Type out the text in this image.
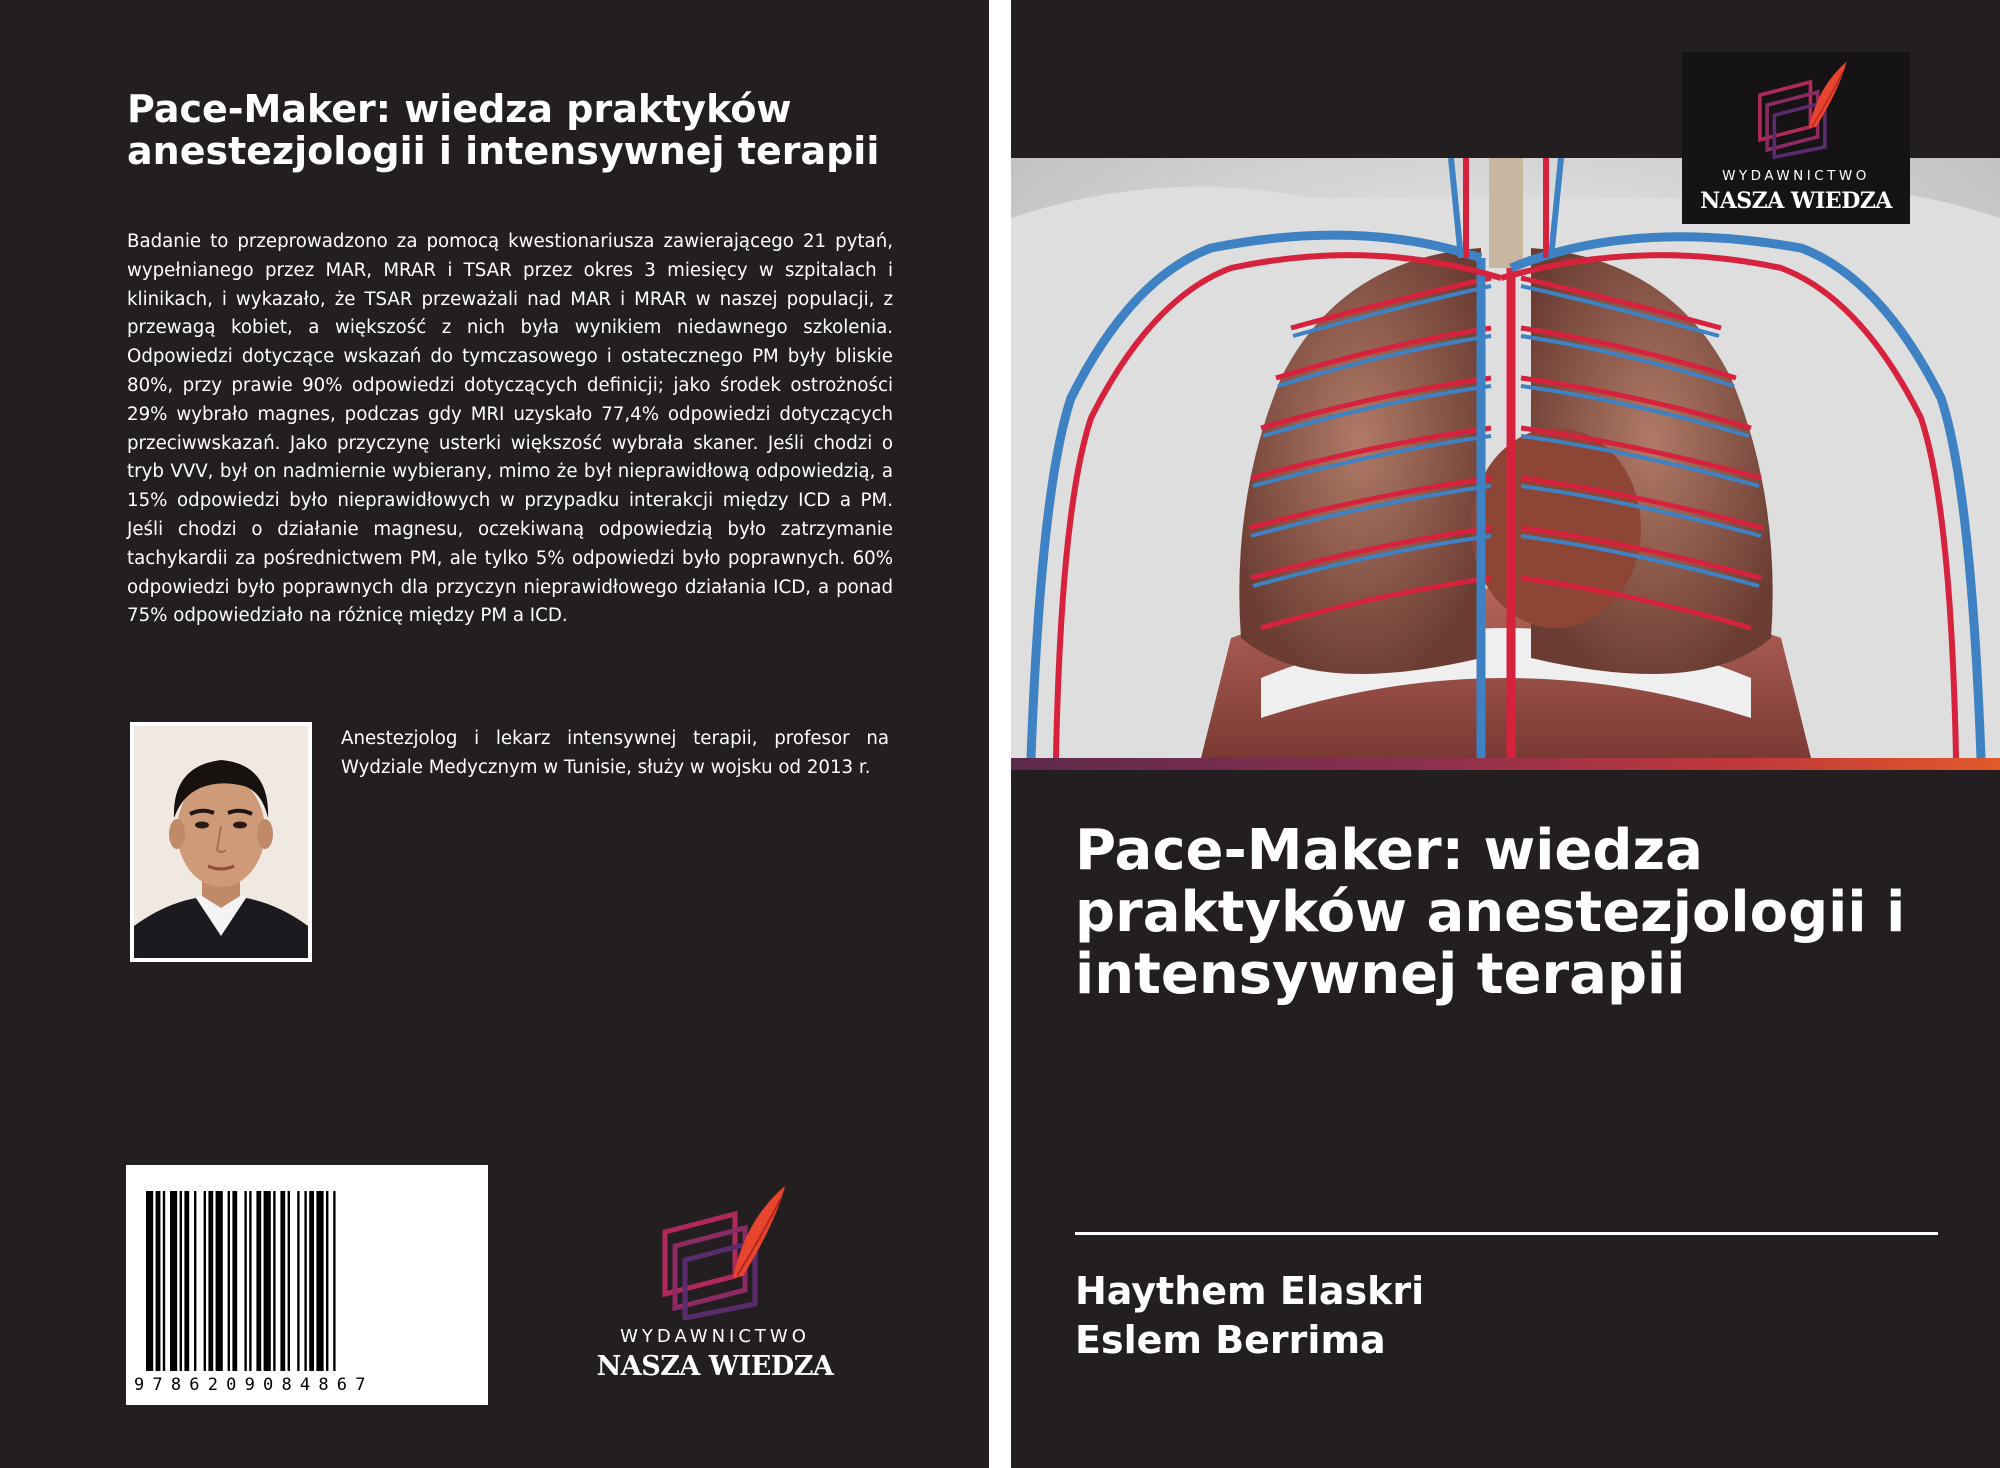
Pace-Maker: wiedza praktyków anestezjologii i intensywnej terapii

Badanie to przeprowadzono za pomocą kwestionariusza zawierającego 21 pytań, wypełnianego przez MAR, MRAR i TSAR przez okres 3 miesięcy w szpitalach i klinikach, i wykazało, że TSAR przeważali nad MAR i MRAR w naszej populacji, z przewagą kobiet, a większość z nich była wynikiem niedawnego szkolenia. Odpowiedzi dotyczące wskazań do tymczasowego i ostatecznego PM były bliskie 80%, przy prawie 90% odpowiedzi dotyczących definicji; jako środek ostrożności 29% wybrało magnes, podczas gdy MRI uzyskało 77,4% odpowiedzi dotyczących przeciwwskazań. Jako przyczynę usterki większość wybrała skaner. Jeśli chodzi o tryb VVV, był on nadmiernie wybierany, mimo że był nieprawidłową odpowiedzią, a 15% odpowiedzi było nieprawidłowych w przypadku interakcji między ICD a PM. Jeśli chodzi o działanie magnesu, oczekiwaną odpowiedzią było zatrzymanie tachykardii za pośrednictwem PM, ale tylko 5% odpowiedzi było poprawnych. 60% odpowiedzi było poprawnych dla przyczyn nieprawidłowego działania ICD, a ponad 75% odpowiedziało na różnicę między PM a ICD.

Anestezjolog i lekarz intensywnej terapii, profesor na Wydziale Medycznym w Tunisie, służy w wojsku od 2013 r.

9786209084867
WYDAWNICTWO
NASZA WIEDZA
WYDAWNICTWO
NASZA WIEDZA
Pace-Maker: wiedza praktyków anestezjologii i intensywnej terapii
Haythem Elaskri
Eslem Berrima
